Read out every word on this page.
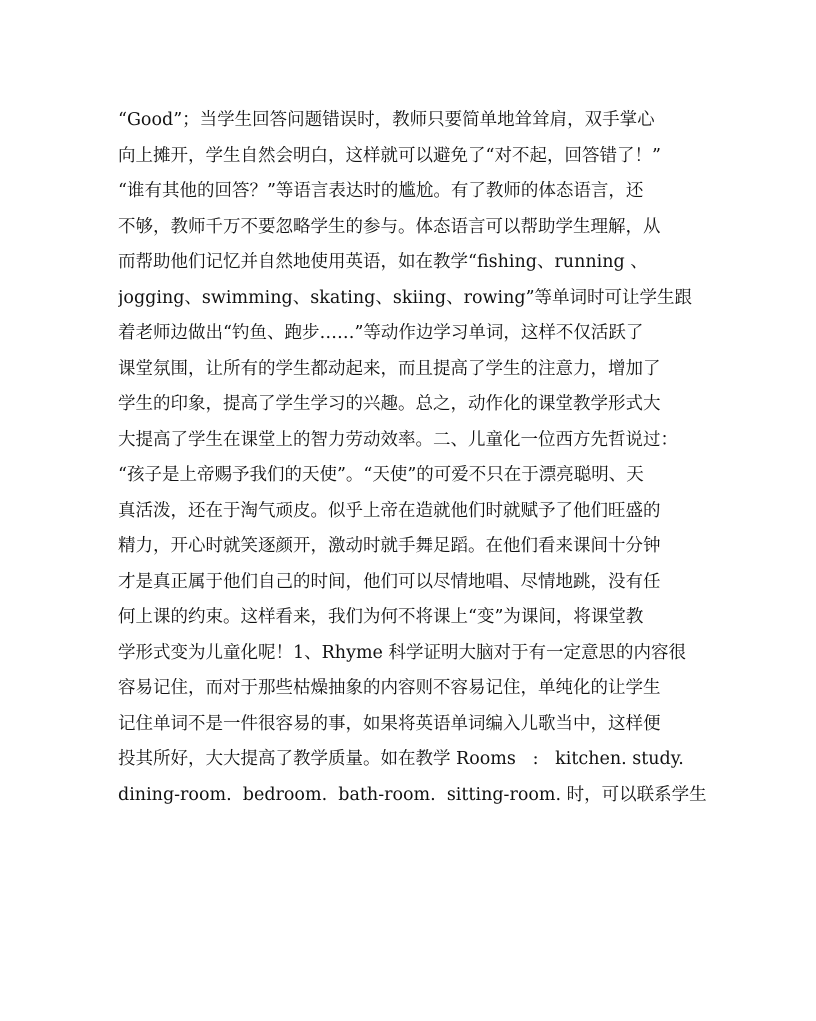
“Good”；当学生回答问题错误时，教师只要简单地耸耸肩，双手掌心
向上摊开，学生自然会明白，这样就可以避免了“对不起，回答错了！”
“谁有其他的回答？”等语言表达时的尴尬。有了教师的体态语言，还
不够，教师千万不要忽略学生的参与。体态语言可以帮助学生理解，从
而帮助他们记忆并自然地使用英语，如在教学“fishing、running 、
jogging、swimming、skating、skiing、rowing”等单词时可让学生跟
着老师边做出“钓鱼、跑步……”等动作边学习单词，这样不仅活跃了
课堂氛围，让所有的学生都动起来，而且提高了学生的注意力，增加了
学生的印象，提高了学生学习的兴趣。总之，动作化的课堂教学形式大
大提高了学生在课堂上的智力劳动效率。二、儿童化一位西方先哲说过：
“孩子是上帝赐予我们的天使”。“天使”的可爱不只在于漂亮聪明、天
真活泼，还在于淘气顽皮。似乎上帝在造就他们时就赋予了他们旺盛的
精力，开心时就笑逐颜开，激动时就手舞足蹈。在他们看来课间十分钟
才是真正属于他们自己的时间，他们可以尽情地唱、尽情地跳，没有任
何上课的约束。这样看来，我们为何不将课上“变”为课间，将课堂教
学形式变为儿童化呢！1、Rhyme 科学证明大脑对于有一定意思的内容很
容易记住，而对于那些枯燥抽象的内容则不容易记住，单纯化的让学生
记住单词不是一件很容易的事，如果将英语单词编入儿歌当中，这样便
投其所好，大大提高了教学质量。如在教学 Rooms   :   kitchen. study.
dining-room.  bedroom.  bath-room.  sitting-room. 时，可以联系学生
